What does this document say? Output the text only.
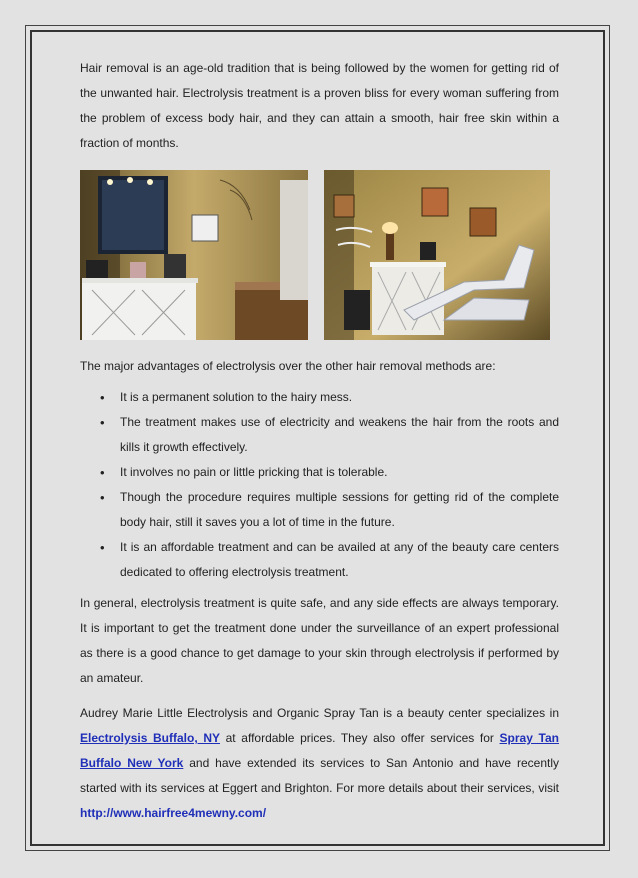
Hair removal is an age-old tradition that is being followed by the women for getting rid of the unwanted hair. Electrolysis treatment is a proven bliss for every woman suffering from the problem of excess body hair, and they can attain a smooth, hair free skin within a fraction of months.

The major advantages of electrolysis over the other hair removal methods are:

• It is a permanent solution to the hairy mess.
• The treatment makes use of electricity and weakens the hair from the roots and kills it growth effectively.
• It involves no pain or little pricking that is tolerable.
• Though the procedure requires multiple sessions for getting rid of the complete body hair, still it saves you a lot of time in the future.
• It is an affordable treatment and can be availed at any of the beauty care centers dedicated to offering electrolysis treatment.

In general, electrolysis treatment is quite safe, and any side effects are always temporary. It is important to get the treatment done under the surveillance of an expert professional as there is a good chance to get damage to your skin through electrolysis if performed by an amateur.

Audrey Marie Little Electrolysis and Organic Spray Tan is a beauty center specializes in Electrolysis Buffalo, NY at affordable prices. They also offer services for Spray Tan Buffalo New York and have extended its services to San Antonio and have recently started with its services at Eggert and Brighton. For more details about their services, visit http://www.hairfree4mewny.com/
